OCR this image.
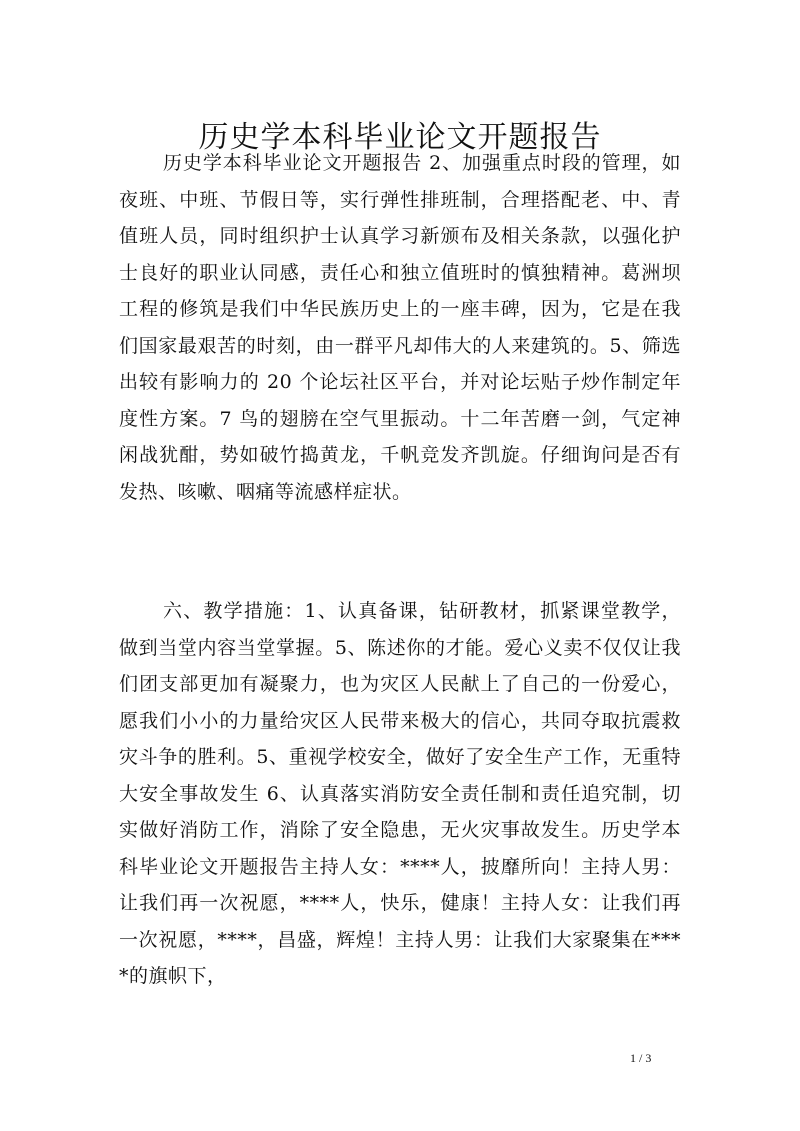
历史学本科毕业论文开题报告

历史学本科毕业论文开题报告 2、加强重点时段的管理，如夜班、中班、节假日等，实行弹性排班制，合理搭配老、中、青值班人员，同时组织护士认真学习新颁布及相关条款，以强化护士良好的职业认同感，责任心和独立值班时的慎独精神。葛洲坝工程的修筑是我们中华民族历史上的一座丰碑，因为，它是在我们国家最艰苦的时刻，由一群平凡却伟大的人来建筑的。5、筛选出较有影响力的 20 个论坛社区平台，并对论坛贴子炒作制定年度性方案。7 鸟的翅膀在空气里振动。十二年苦磨一剑，气定神闲战犹酣，势如破竹捣黄龙，千帆竞发齐凯旋。仔细询问是否有发热、咳嗽、咽痛等流感样症状。

六、教学措施：1、认真备课，钻研教材，抓紧课堂教学，做到当堂内容当堂掌握。5、陈述你的才能。爱心义卖不仅仅让我们团支部更加有凝聚力，也为灾区人民献上了自己的一份爱心，愿我们小小的力量给灾区人民带来极大的信心，共同夺取抗震救灾斗争的胜利。5、重视学校安全，做好了安全生产工作，无重特大安全事故发生 6、认真落实消防安全责任制和责任追究制，切实做好消防工作，消除了安全隐患，无火灾事故发生。历史学本科毕业论文开题报告主持人女：****人，披靡所向！主持人男：让我们再一次祝愿，****人，快乐，健康！主持人女：让我们再一次祝愿，****，昌盛，辉煌！主持人男：让我们大家聚集在****的旗帜下，

1 / 3
